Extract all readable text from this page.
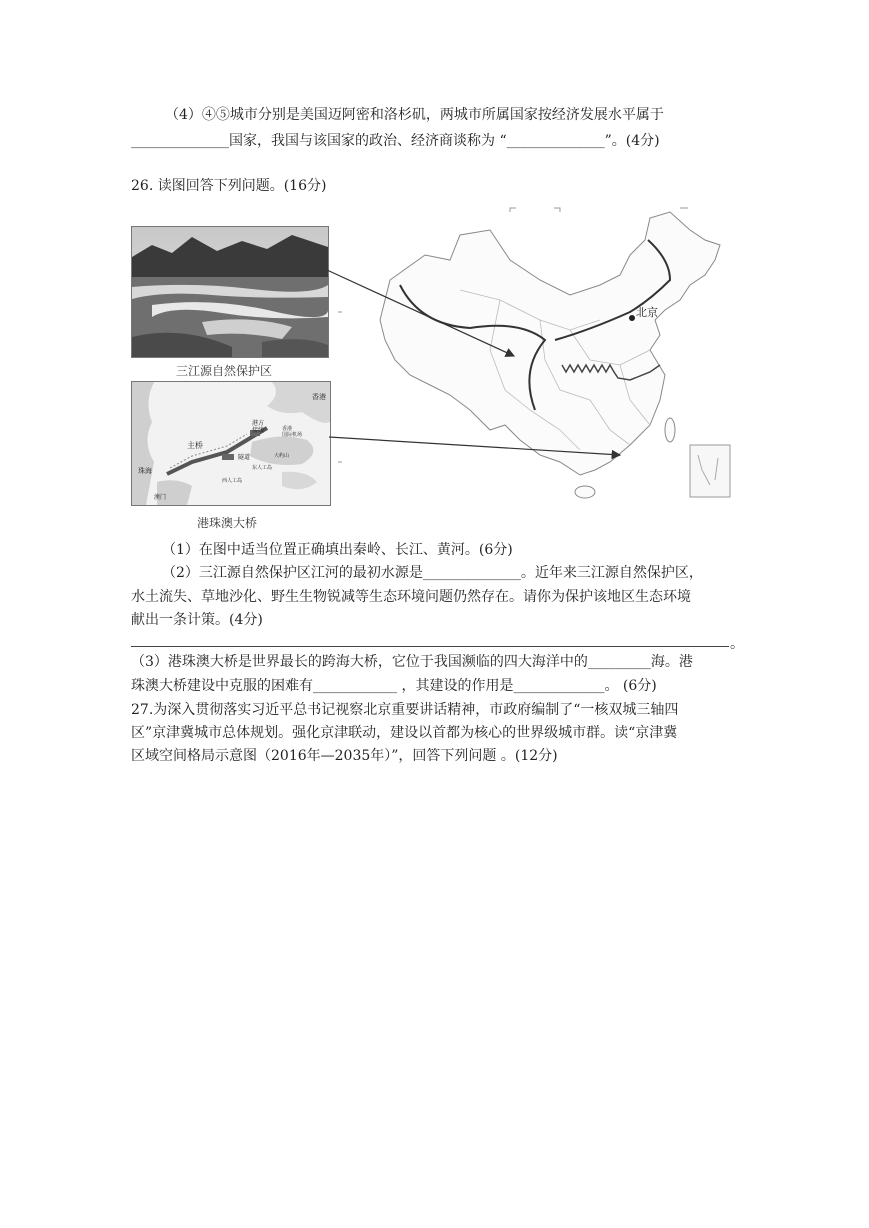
（4）④⑤城市分别是美国迈阿密和洛杉矶，两城市所属国家按经济发展水平属于
______________国家，我国与该国家的政治、经济商谈称为 “______________”。(4分)
26. 读图回答下列问题。(16分)
三江源自然保护区
香港
主桥
港方
接线	香港
国际机场
珠海
澳门
隧道
东人工岛
西人工岛
大屿山
港珠澳大桥
北京
（1）在图中适当位置正确填出秦岭、长江、黄河。(6分)
（2）三江源自然保护区江河的最初水源是______________。近年来三江源自然保护区，
水土流失、草地沙化、野生生物锐减等生态环境问题仍然存在。请你为保护该地区生态环境
献出一条计策。(4分)
。
（3）港珠澳大桥是世界最长的跨海大桥，它位于我国濒临的四大海洋中的_________海。港
珠澳大桥建设中克服的困难有____________ ，其建设的作用是_____________。 (6分)
27.为深入贯彻落实习近平总书记视察北京重要讲话精神，市政府编制了“一核双城三轴四
区”京津冀城市总体规划。强化京津联动，建设以首都为核心的世界级城市群。读“京津冀
区域空间格局示意图（2016年—2035年）”，回答下列问题 。(12分)
